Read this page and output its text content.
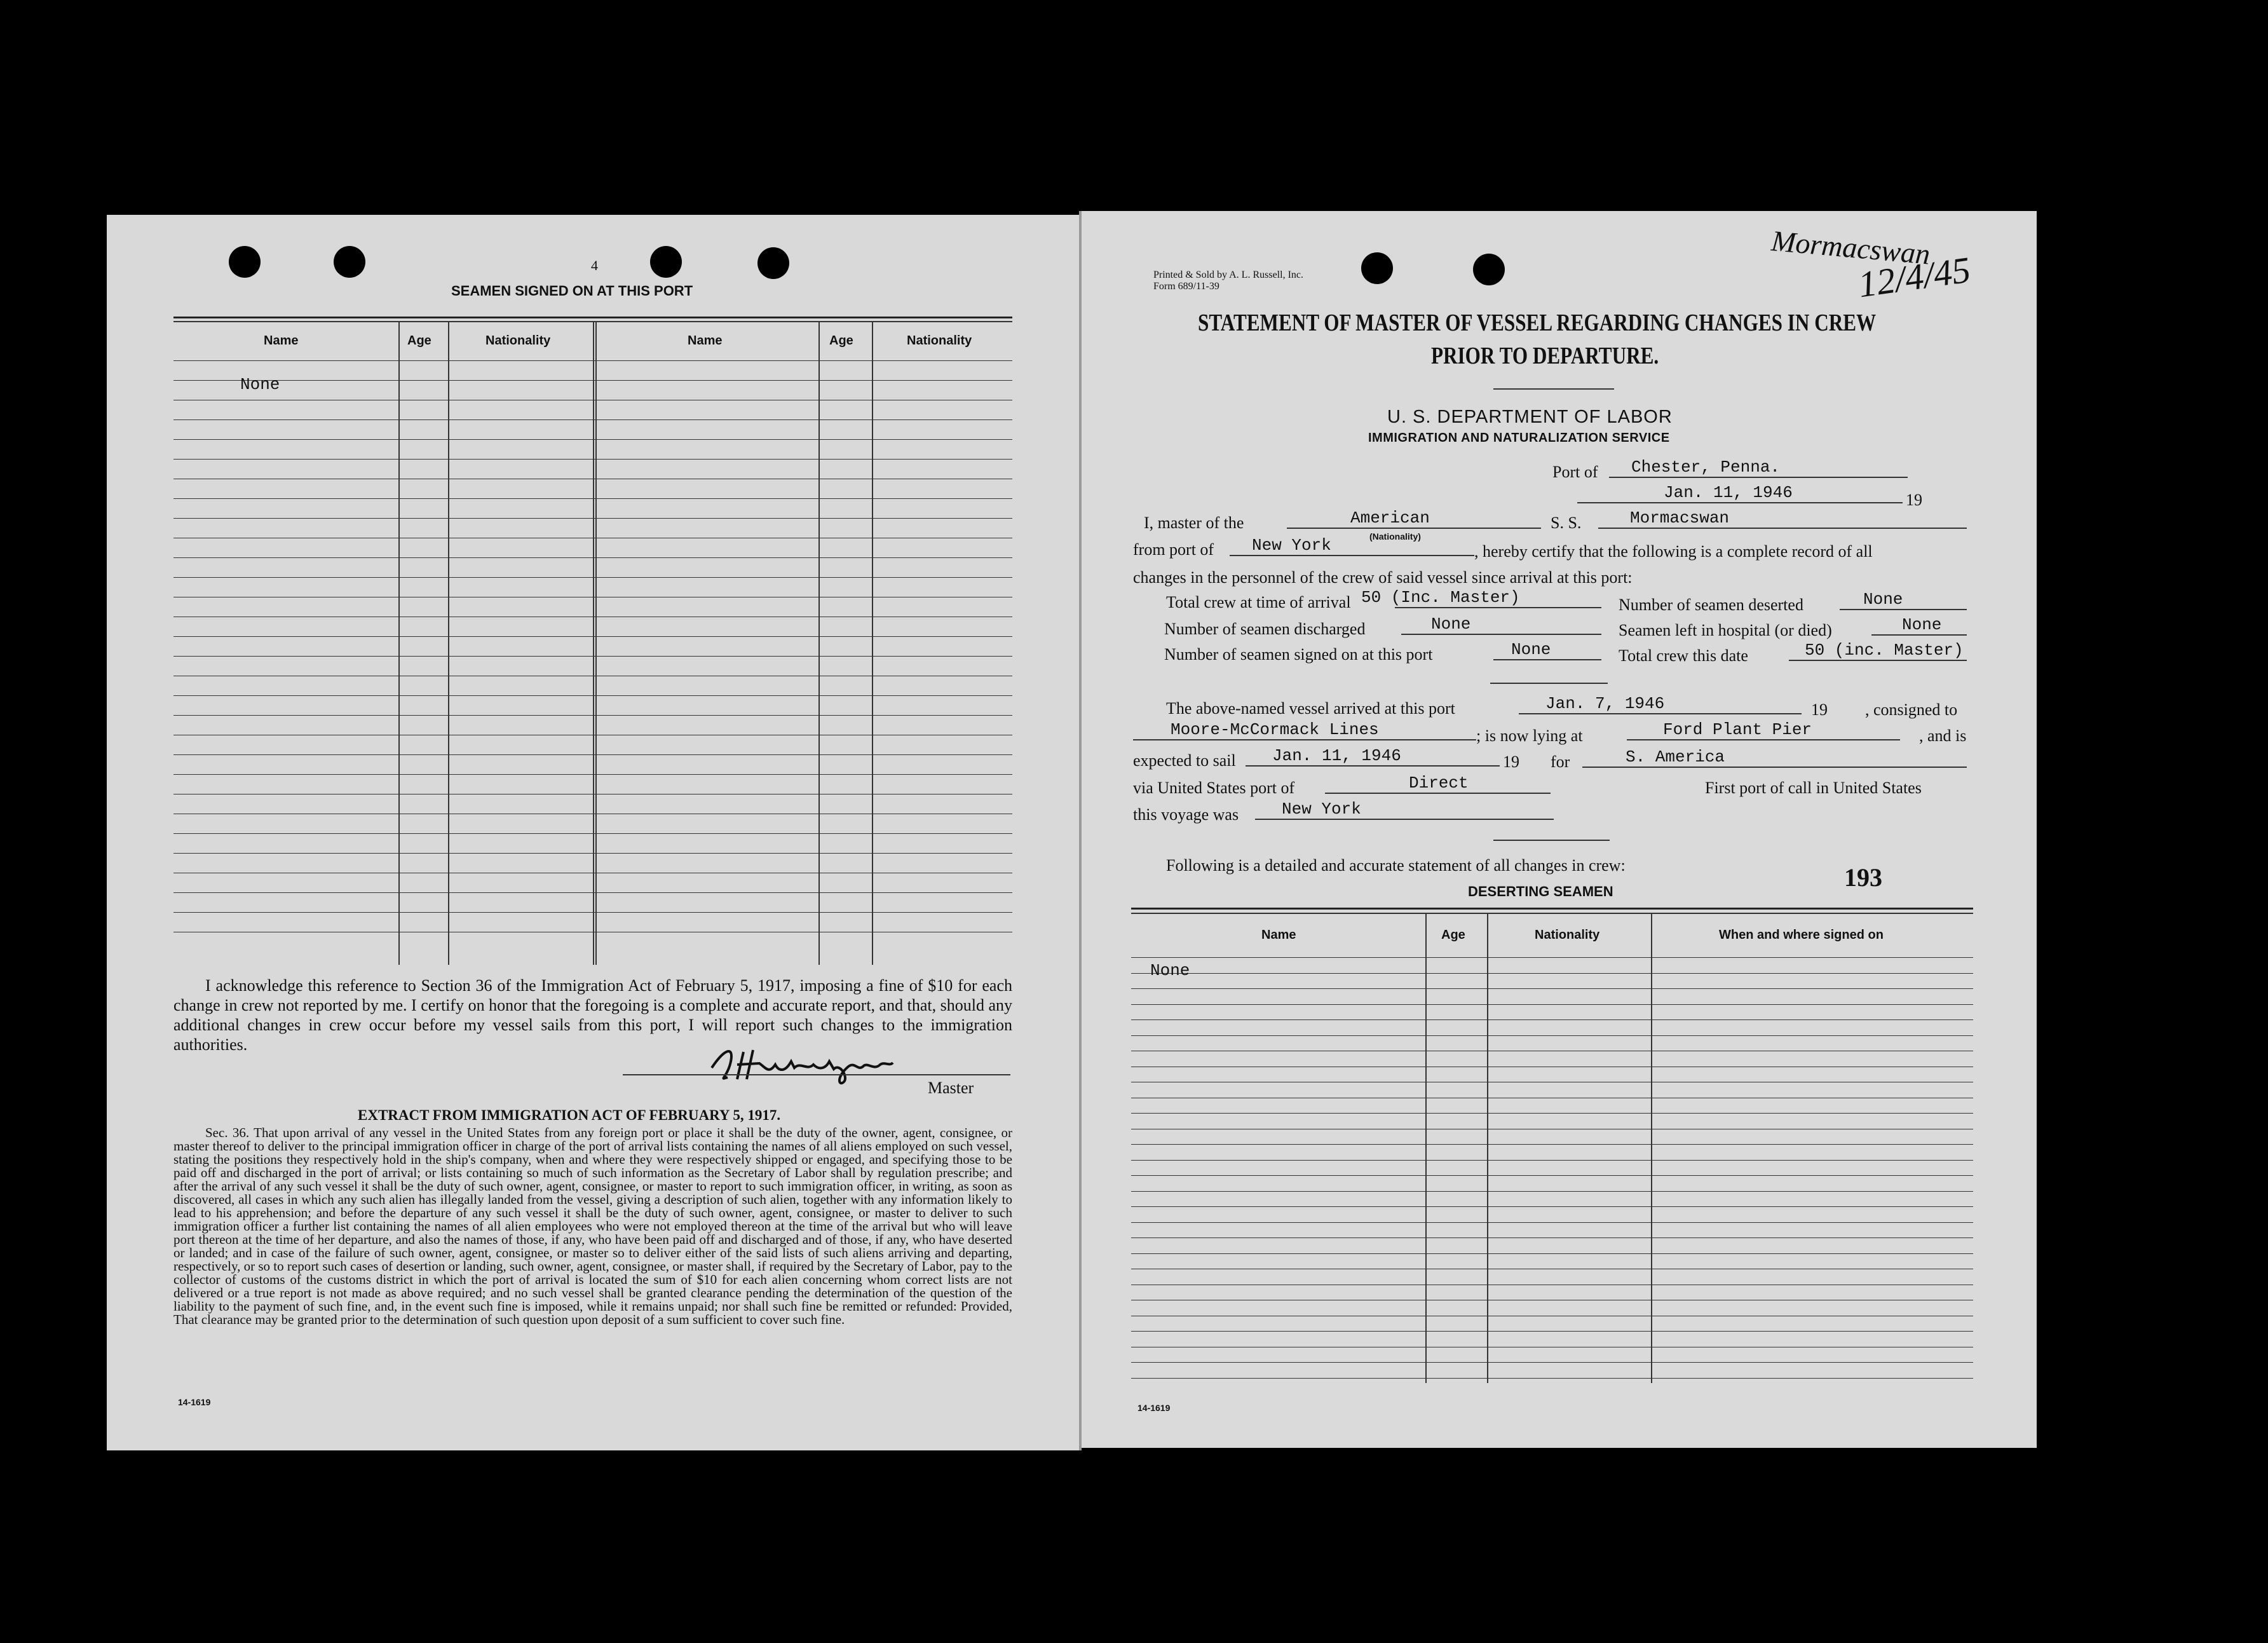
4
SEAMEN SIGNED ON AT THIS PORT
Name	Age	Nationality	Name	Age	Nationality
None
I acknowledge this reference to Section 36 of the Immigration Act of February 5, 1917, imposing a fine of $10 for each change in crew not reported by me. I certify on honor that the foregoing is a complete and accurate report, and that, should any additional changes in crew occur before my vessel sails from this port, I will report such changes to the immigration authorities.
Master
EXTRACT FROM IMMIGRATION ACT OF FEBRUARY 5, 1917.
Sec. 36. That upon arrival of any vessel in the United States from any foreign port or place it shall be the duty of the owner, agent, consignee, or master thereof to deliver to the principal immigration officer in charge of the port of arrival lists containing the names of all aliens employed on such vessel, stating the positions they respectively hold in the ship's company, when and where they were respectively shipped or engaged, and specifying those to be paid off and discharged in the port of arrival; or lists containing so much of such information as the Secretary of Labor shall by regulation prescribe; and after the arrival of any such vessel it shall be the duty of such owner, agent, consignee, or master to report to such immigration officer, in writing, as soon as discovered, all cases in which any such alien has illegally landed from the vessel, giving a description of such alien, together with any information likely to lead to his apprehension; and before the departure of any such vessel it shall be the duty of such owner, agent, consignee, or master to deliver to such immigration officer a further list containing the names of all alien employees who were not employed thereon at the time of the arrival but who will leave port thereon at the time of her departure, and also the names of those, if any, who have been paid off and discharged and of those, if any, who have deserted or landed; and in case of the failure of such owner, agent, consignee, or master so to deliver either of the said lists of such aliens arriving and departing, respectively, or so to report such cases of desertion or landing, such owner, agent, consignee, or master shall, if required by the Secretary of Labor, pay to the collector of customs of the customs district in which the port of arrival is located the sum of $10 for each alien concerning whom correct lists are not delivered or a true report is not made as above required; and no such vessel shall be granted clearance pending the determination of the question of the liability to the payment of such fine, and, in the event such fine is imposed, while it remains unpaid; nor shall such fine be remitted or refunded: Provided, That clearance may be granted prior to the determination of such question upon deposit of a sum sufficient to cover such fine.
14-1619
Printed & Sold by A. L. Russell, Inc.
Form 689/11-39
Mormacswan
12/4/45
STATEMENT OF MASTER OF VESSEL REGARDING CHANGES IN CREW
PRIOR TO DEPARTURE.
U. S. DEPARTMENT OF LABOR
IMMIGRATION AND NATURALIZATION SERVICE
Port of Chester, Penna.
Jan. 11, 1946	19
I, master of the	American	S. S.	Mormacswan
(Nationality)
from port of New York	, hereby certify that the following is a complete record of all
changes in the personnel of the crew of said vessel since arrival at this port:
Total crew at time of arrival 50 (Inc. Master)	Number of seamen deserted	None
Number of seamen discharged	None	Seamen left in hospital (or died)	None
Number of seamen signed on at this port	None	Total crew this date	50 (inc. Master)
The above-named vessel arrived at this port	Jan. 7, 1946	19 , consigned to
Moore-McCormack Lines	; is now lying at	Ford Plant Pier	, and is
expected to sail Jan. 11, 1946	19 for	S. America
via United States port of	Direct	First port of call in United States
this voyage was	New York
Following is a detailed and accurate statement of all changes in crew:	193
DESERTING SEAMEN
Name	Age	Nationality	When and where signed on
None
14-1619
